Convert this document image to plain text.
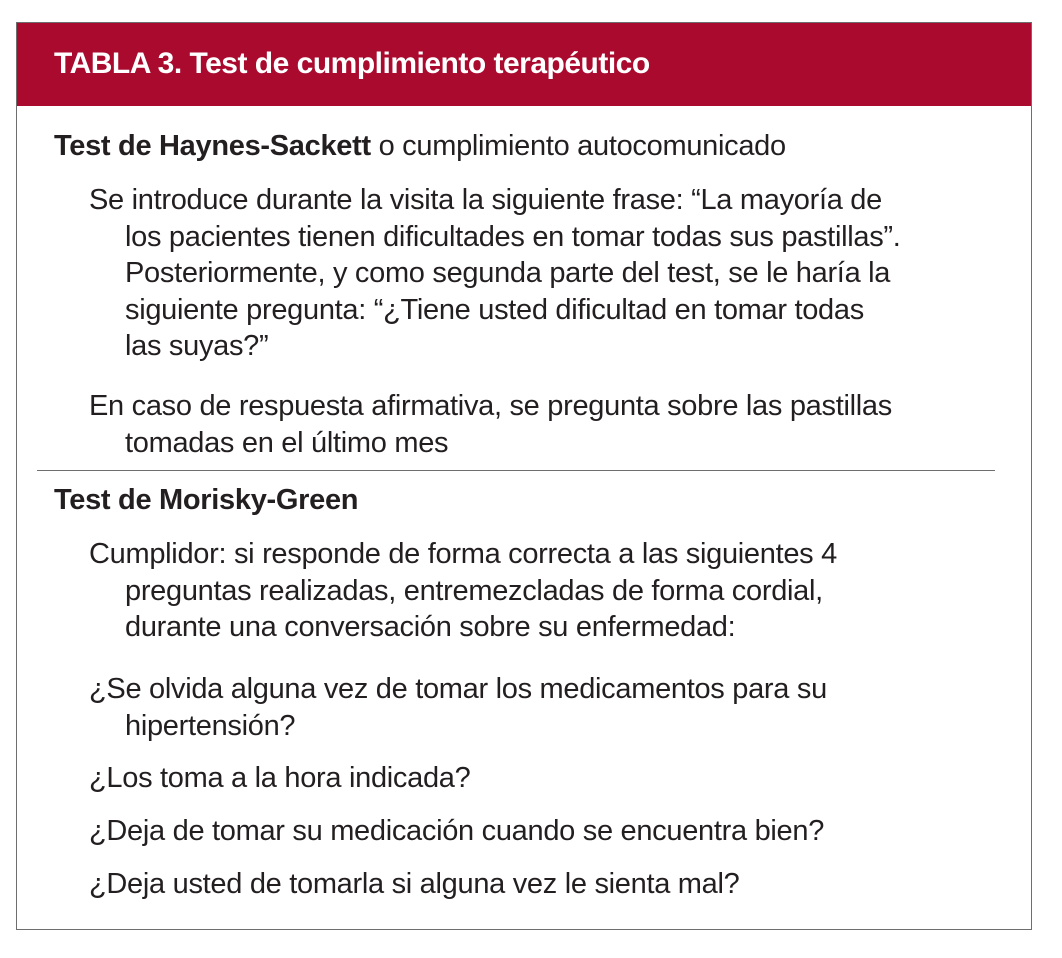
TABLA 3. Test de cumplimiento terapéutico
Test de Haynes-Sackett o cumplimiento autocomunicado
Se introduce durante la visita la siguiente frase: “La mayoría de
los pacientes tienen dificultades en tomar todas sus pastillas”.
Posteriormente, y como segunda parte del test, se le haría la
siguiente pregunta: “¿Tiene usted dificultad en tomar todas
las suyas?”
En caso de respuesta afirmativa, se pregunta sobre las pastillas
tomadas en el último mes
Test de Morisky-Green
Cumplidor: si responde de forma correcta a las siguientes 4
preguntas realizadas, entremezcladas de forma cordial,
durante una conversación sobre su enfermedad:
¿Se olvida alguna vez de tomar los medicamentos para su
hipertensión?
¿Los toma a la hora indicada?
¿Deja de tomar su medicación cuando se encuentra bien?
¿Deja usted de tomarla si alguna vez le sienta mal?
